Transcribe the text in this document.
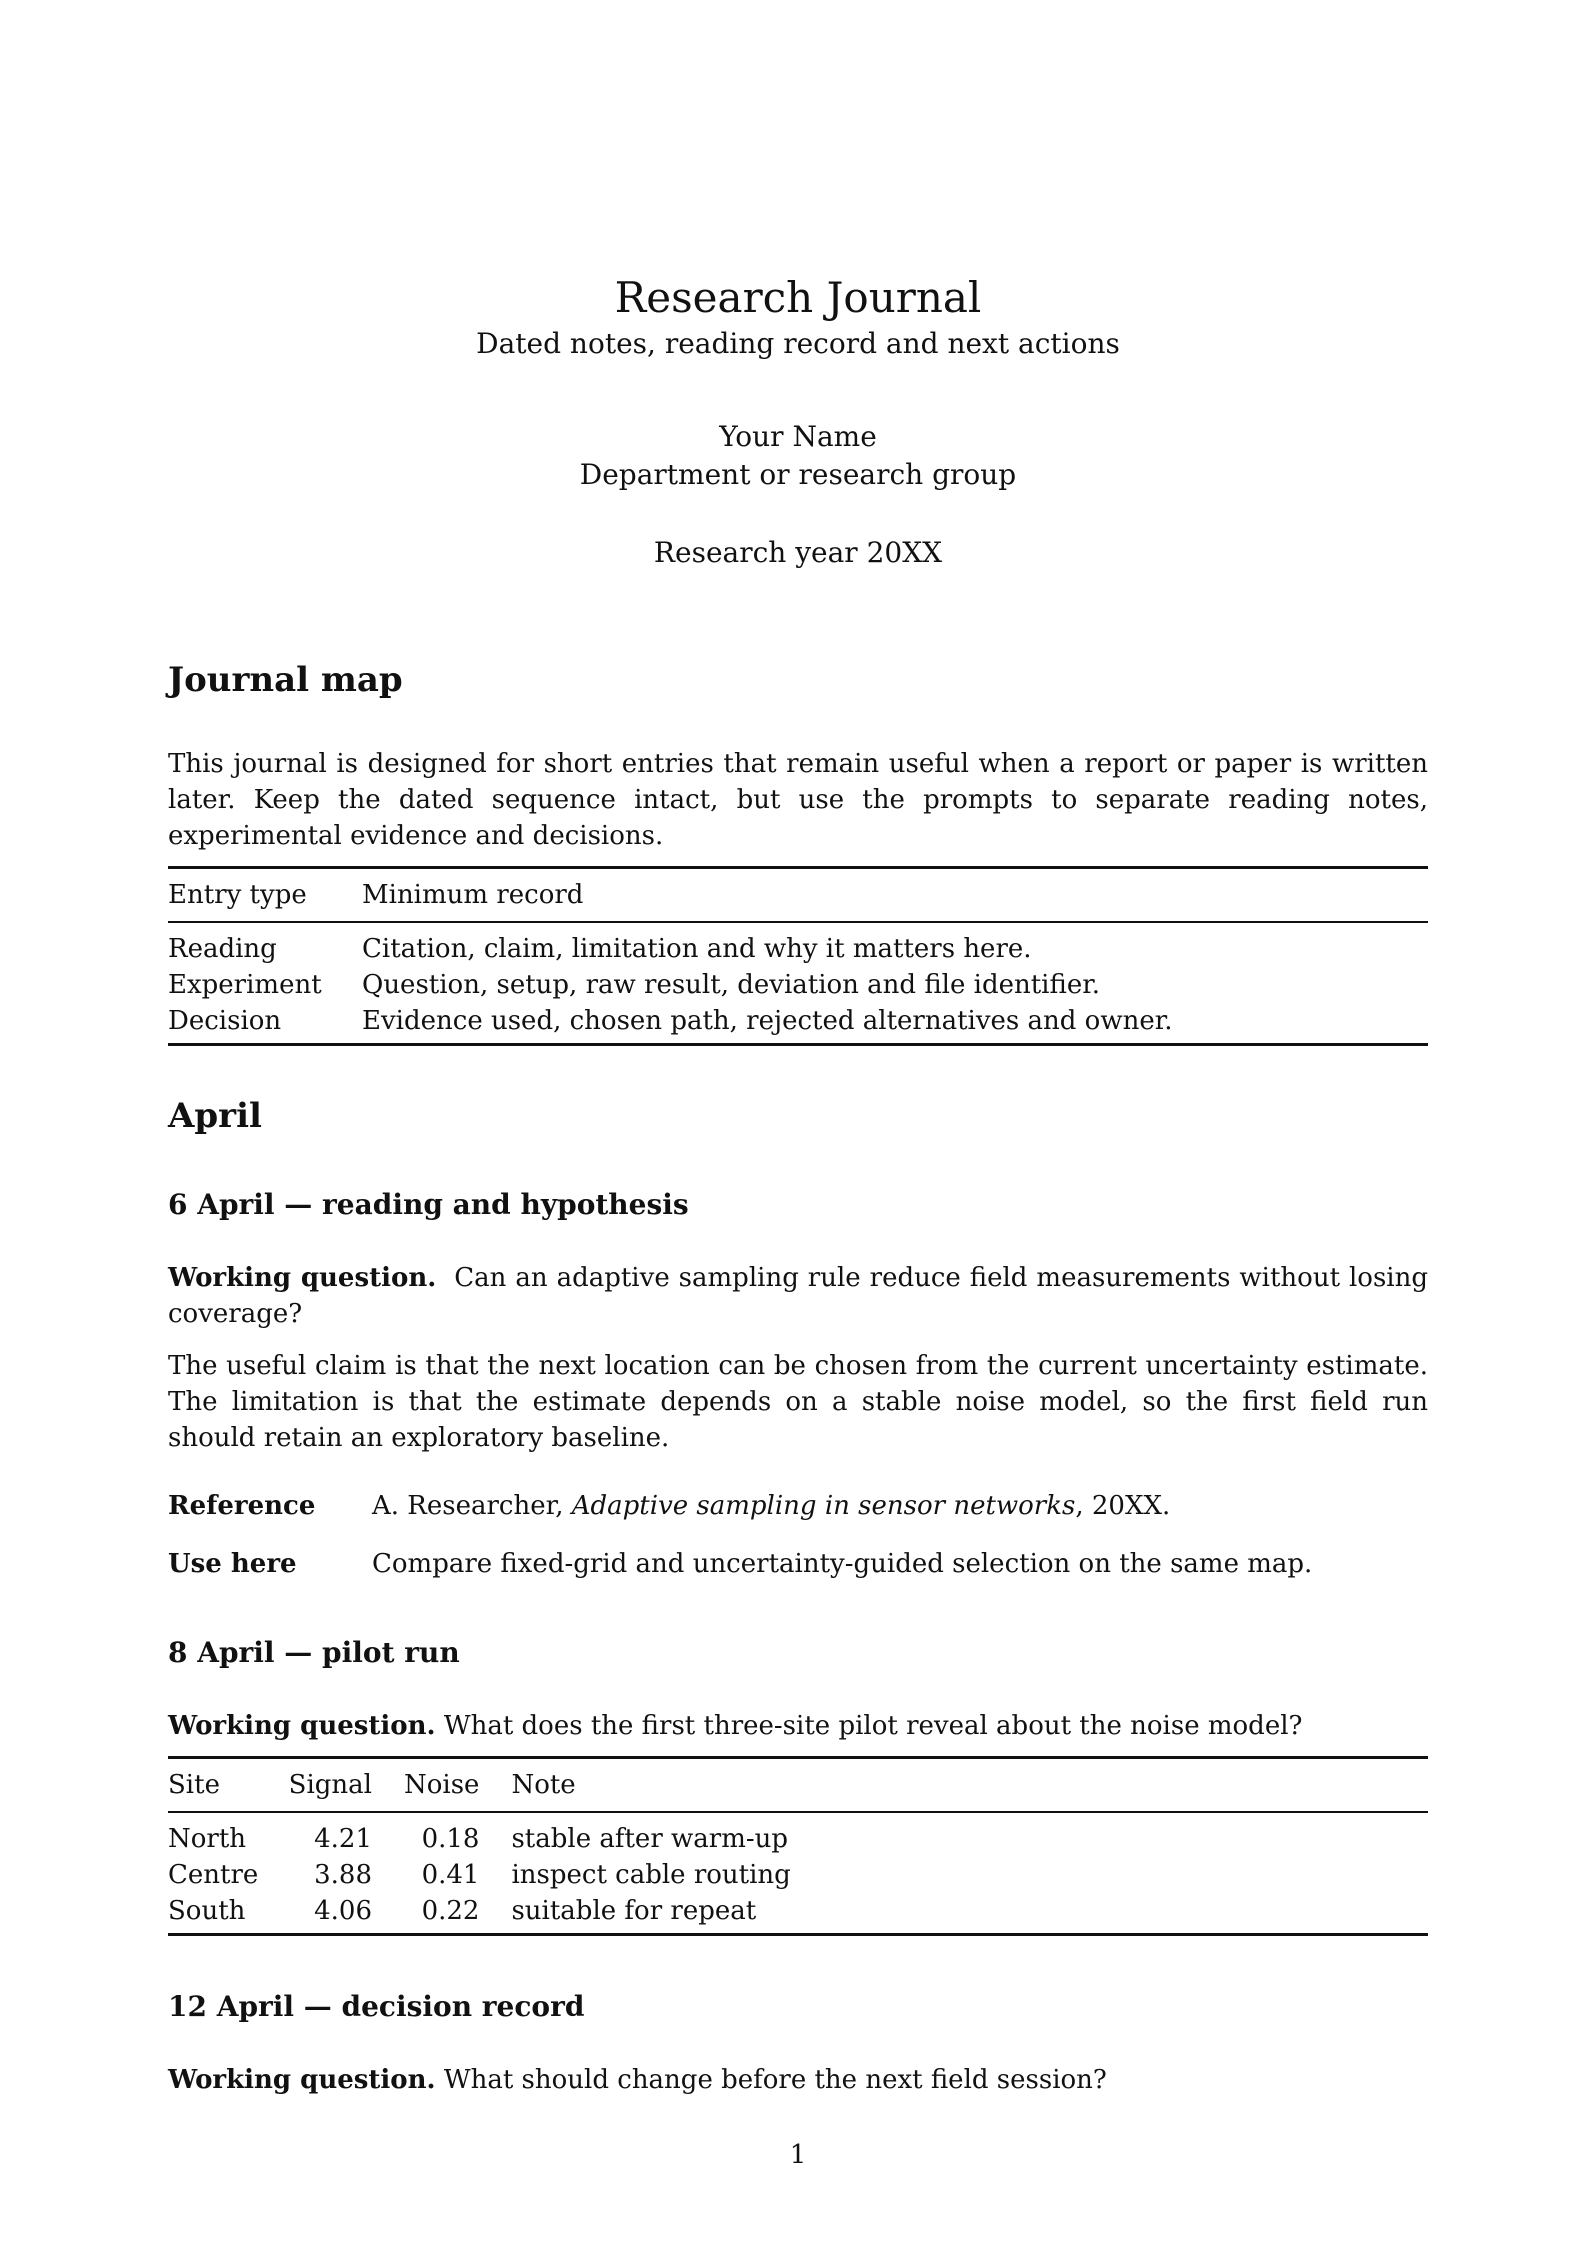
Research Journal
Dated notes, reading record and next actions
Your Name
Department or research group
Research year 20XX
Journal map

This journal is designed for short entries that remain useful when a report or paper is written later. Keep the dated sequence intact, but use the prompts to separate reading notes, experimental evidence and decisions.

Entry type	Minimum record
Reading	Citation, claim, limitation and why it matters here.
Experiment	Question, setup, raw result, deviation and file identifier.
Decision	Evidence used, chosen path, rejected alternatives and owner.
April
6 April — reading and hypothesis

Working question. Can an adaptive sampling rule reduce field measurements without losing coverage?

The useful claim is that the next location can be chosen from the current uncertainty estimate. The limitation is that the estimate depends on a stable noise model, so the first field run should retain an exploratory baseline.

Reference	A. Researcher, Adaptive sampling in sensor networks, 20XX.
Use here	Compare fixed-grid and uncertainty-guided selection on the same map.
8 April — pilot run

Working question. What does the first three-site pilot reveal about the noise model?

Site	Signal	Noise	Note
North	4.21	0.18	stable after warm-up
Centre	3.88	0.41	inspect cable routing
South	4.06	0.22	suitable for repeat
12 April — decision record

Working question. What should change before the next field session?

1
